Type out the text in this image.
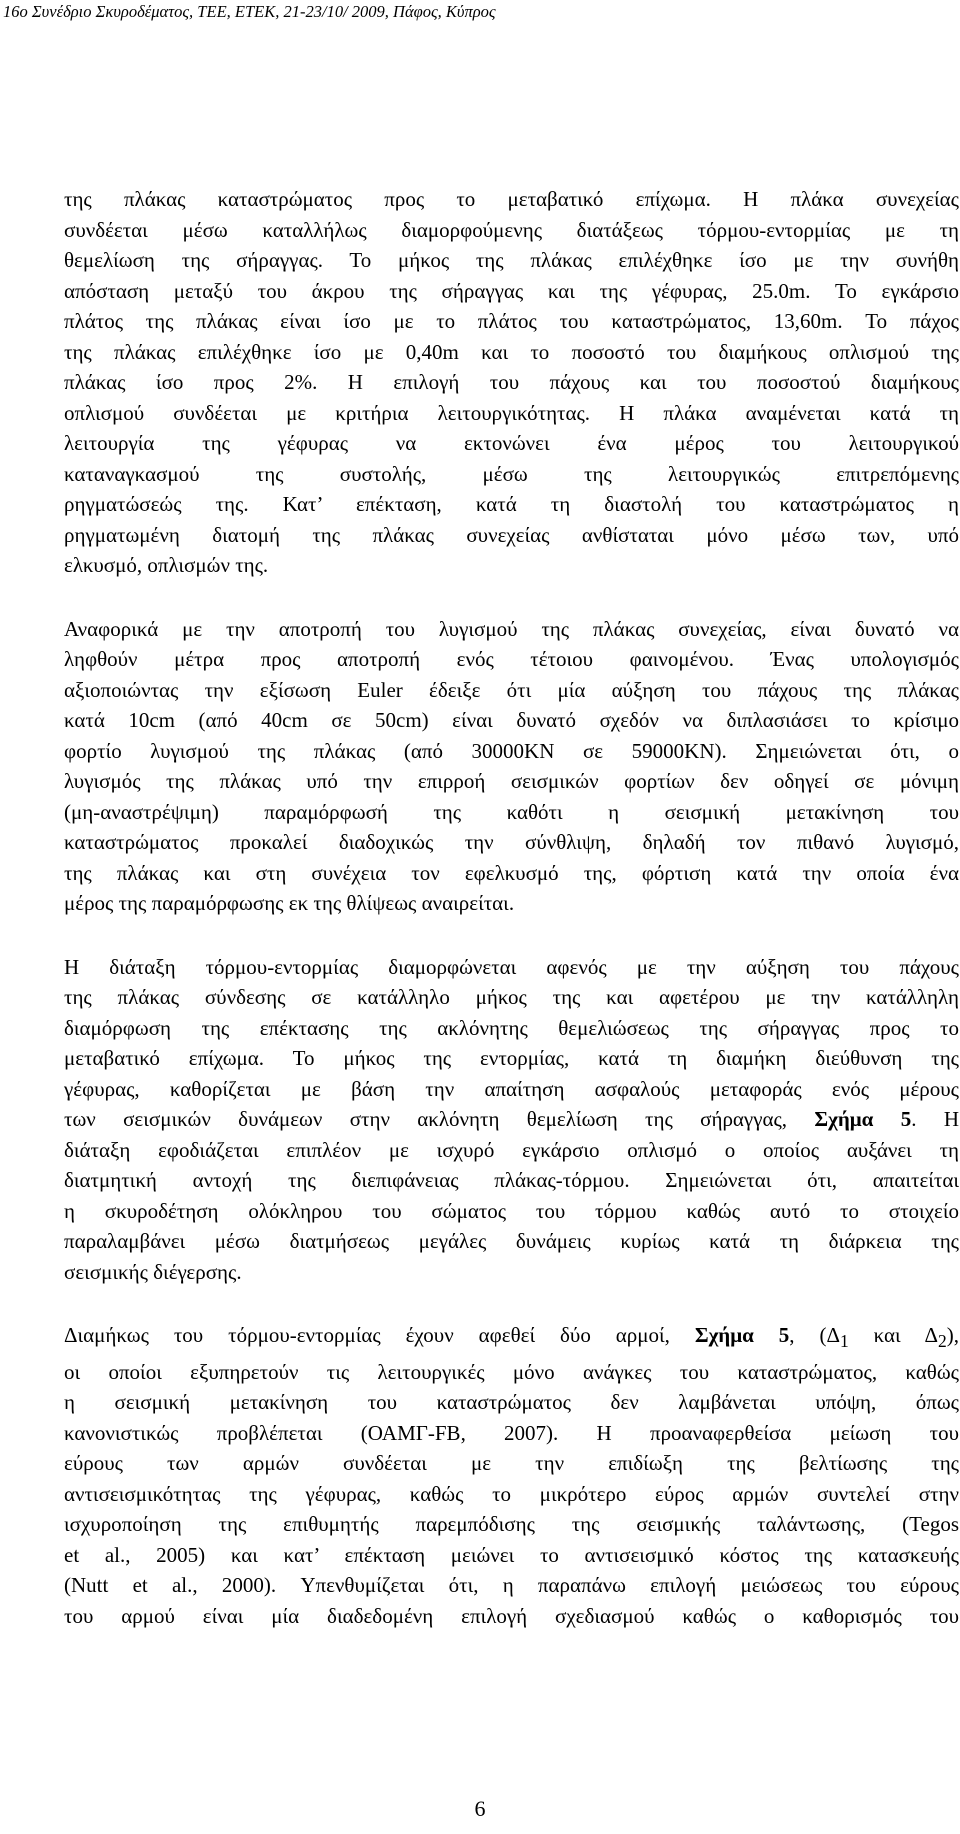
16ο Συνέδριο Σκυροδέματος, ΤΕΕ, ΕΤΕΚ, 21-23/10/ 2009, Πάφος, Κύπρος

της πλάκας καταστρώματος προς το μεταβατικό επίχωμα. Η πλάκα συνεχείας
συνδέεται μέσω καταλλήλως διαμορφούμενης διατάξεως τόρμου-εντορμίας με τη
θεμελίωση της σήραγγας. Το μήκος της πλάκας επιλέχθηκε ίσο με την συνήθη
απόσταση μεταξύ του άκρου της σήραγγας και της γέφυρας, 25.0m. Το εγκάρσιο
πλάτος της πλάκας είναι ίσο με το πλάτος του καταστρώματος, 13,60m. Το πάχος
της πλάκας επιλέχθηκε ίσο με 0,40m και το ποσοστό του διαμήκους οπλισμού της
πλάκας ίσο προς 2%. Η επιλογή του πάχους και του ποσοστού διαμήκους
οπλισμού συνδέεται με κριτήρια λειτουργικότητας. Η πλάκα αναμένεται κατά τη
λειτουργία της γέφυρας να εκτονώνει ένα μέρος του λειτουργικού
καταναγκασμού της συστολής, μέσω της λειτουργικώς επιτρεπόμενης
ρηγματώσεώς της. Κατ’ επέκταση, κατά τη διαστολή του καταστρώματος η
ρηγματωμένη διατομή της πλάκας συνεχείας ανθίσταται μόνο μέσω των, υπό
ελκυσμό, οπλισμών της.

Αναφορικά με την αποτροπή του λυγισμού της πλάκας συνεχείας, είναι δυνατό να
ληφθούν μέτρα προς αποτροπή ενός τέτοιου φαινομένου. Ένας υπολογισμός
αξιοποιώντας την εξίσωση Euler έδειξε ότι μία αύξηση του πάχους της πλάκας
κατά 10cm (από 40cm σε 50cm) είναι δυνατό σχεδόν να διπλασιάσει το κρίσιμο
φορτίο λυγισμού της πλάκας (από 30000KN σε 59000KN). Σημειώνεται ότι, ο
λυγισμός της πλάκας υπό την επιρροή σεισμικών φορτίων δεν οδηγεί σε μόνιμη
(μη-αναστρέψιμη) παραμόρφωσή της καθότι η σεισμική μετακίνηση του
καταστρώματος προκαλεί διαδοχικώς την σύνθλιψη, δηλαδή τον πιθανό λυγισμό,
της πλάκας και στη συνέχεια τον εφελκυσμό της, φόρτιση κατά την οποία ένα
μέρος της παραμόρφωσης εκ της θλίψεως αναιρείται.

Η διάταξη τόρμου-εντορμίας διαμορφώνεται αφενός με την αύξηση του πάχους
της πλάκας σύνδεσης σε κατάλληλο μήκος της και αφετέρου με την κατάλληλη
διαμόρφωση της επέκτασης της ακλόνητης θεμελιώσεως της σήραγγας προς το
μεταβατικό επίχωμα. Το μήκος της εντορμίας, κατά τη διαμήκη διεύθυνση της
γέφυρας, καθορίζεται με βάση την απαίτηση ασφαλούς μεταφοράς ενός μέρους
των σεισμικών δυνάμεων στην ακλόνητη θεμελίωση της σήραγγας, Σχήμα 5. Η
διάταξη εφοδιάζεται επιπλέον με ισχυρό εγκάρσιο οπλισμό ο οποίος αυξάνει τη
διατμητική αντοχή της διεπιφάνειας πλάκας-τόρμου. Σημειώνεται ότι, απαιτείται
η σκυροδέτηση ολόκληρου του σώματος του τόρμου καθώς αυτό το στοιχείο
παραλαμβάνει μέσω διατμήσεως μεγάλες δυνάμεις κυρίως κατά τη διάρκεια της
σεισμικής διέγερσης.

Διαμήκως του τόρμου-εντορμίας έχουν αφεθεί δύο αρμοί, Σχήμα 5, ($\Delta_1$ και $\Delta_2$),
οι οποίοι εξυπηρετούν τις λειτουργικές μόνο ανάγκες του καταστρώματος, καθώς
η σεισμική μετακίνηση του καταστρώματος δεν λαμβάνεται υπόψη, όπως
κανονιστικώς προβλέπεται (ΟΑΜΓ-FB, 2007). Η προαναφερθείσα μείωση του
εύρους των αρμών συνδέεται με την επιδίωξη της βελτίωσης της
αντισεισμικότητας της γέφυρας, καθώς το μικρότερο εύρος αρμών συντελεί στην
ισχυροποίηση της επιθυμητής παρεμπόδισης της σεισμικής ταλάντωσης, (Tegos
et al., 2005) και κατ’ επέκταση μειώνει το αντισεισμικό κόστος της κατασκευής
(Nutt et al., 2000). Υπενθυμίζεται ότι, η παραπάνω επιλογή μειώσεως του εύρους
του αρμού είναι μία διαδεδομένη επιλογή σχεδιασμού καθώς ο καθορισμός του

6
